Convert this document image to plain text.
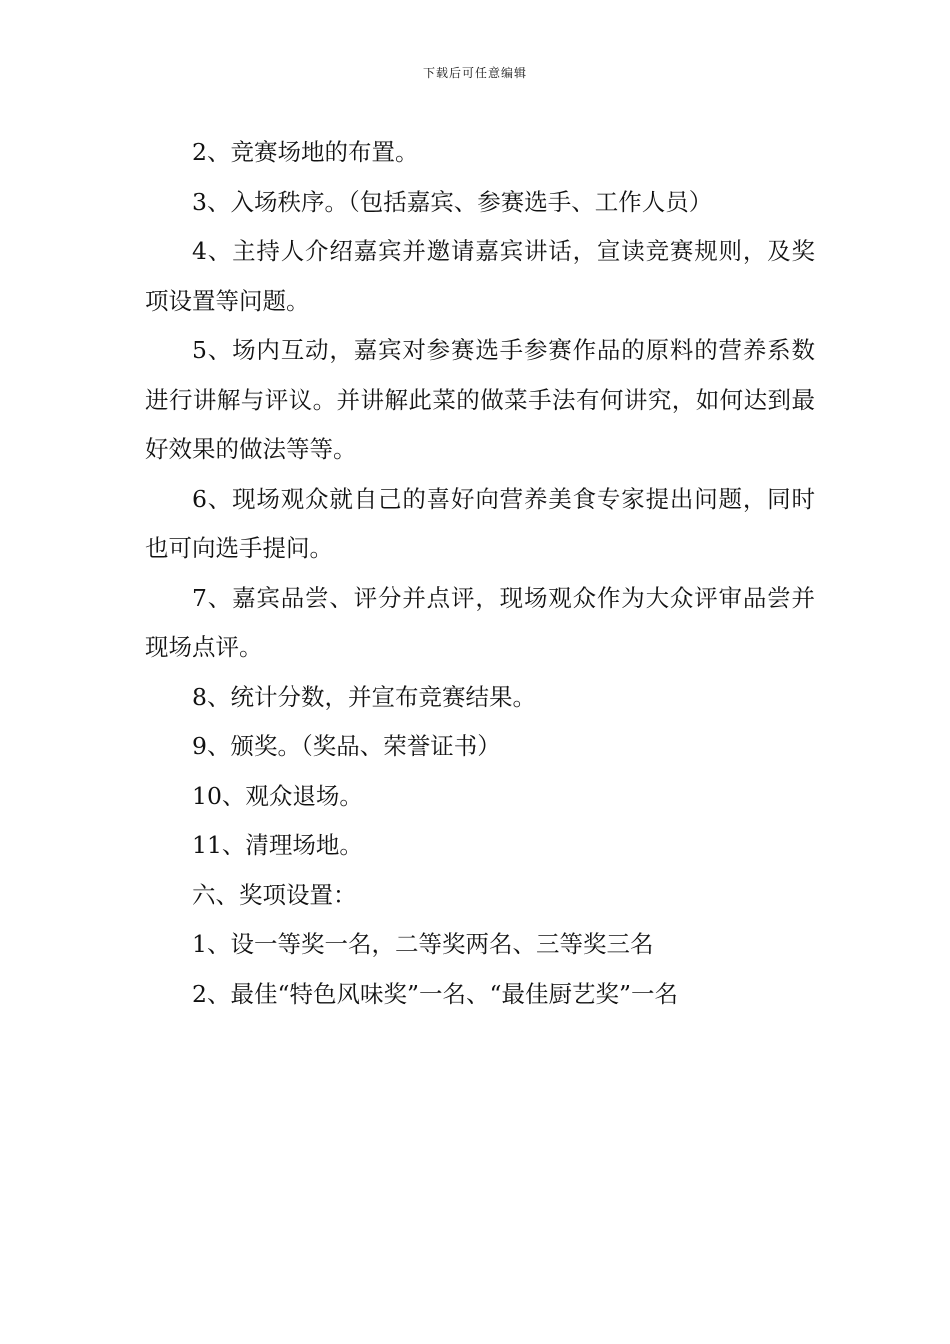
下载后可任意编辑

2、竞赛场地的布置。

3、入场秩序。（包括嘉宾、参赛选手、工作人员）

4、主持人介绍嘉宾并邀请嘉宾讲话，宣读竞赛规则，及奖项设置等问题。

5、场内互动，嘉宾对参赛选手参赛作品的原料的营养系数进行讲解与评议。并讲解此菜的做菜手法有何讲究，如何达到最好效果的做法等等。

6、现场观众就自己的喜好向营养美食专家提出问题，同时也可向选手提问。

7、嘉宾品尝、评分并点评，现场观众作为大众评审品尝并现场点评。

8、统计分数，并宣布竞赛结果。

9、颁奖。（奖品、荣誉证书）

10、观众退场。

11、清理场地。

六、奖项设置：

1、设一等奖一名，二等奖两名、三等奖三名

2、最佳“特色风味奖”一名、“最佳厨艺奖”一名
